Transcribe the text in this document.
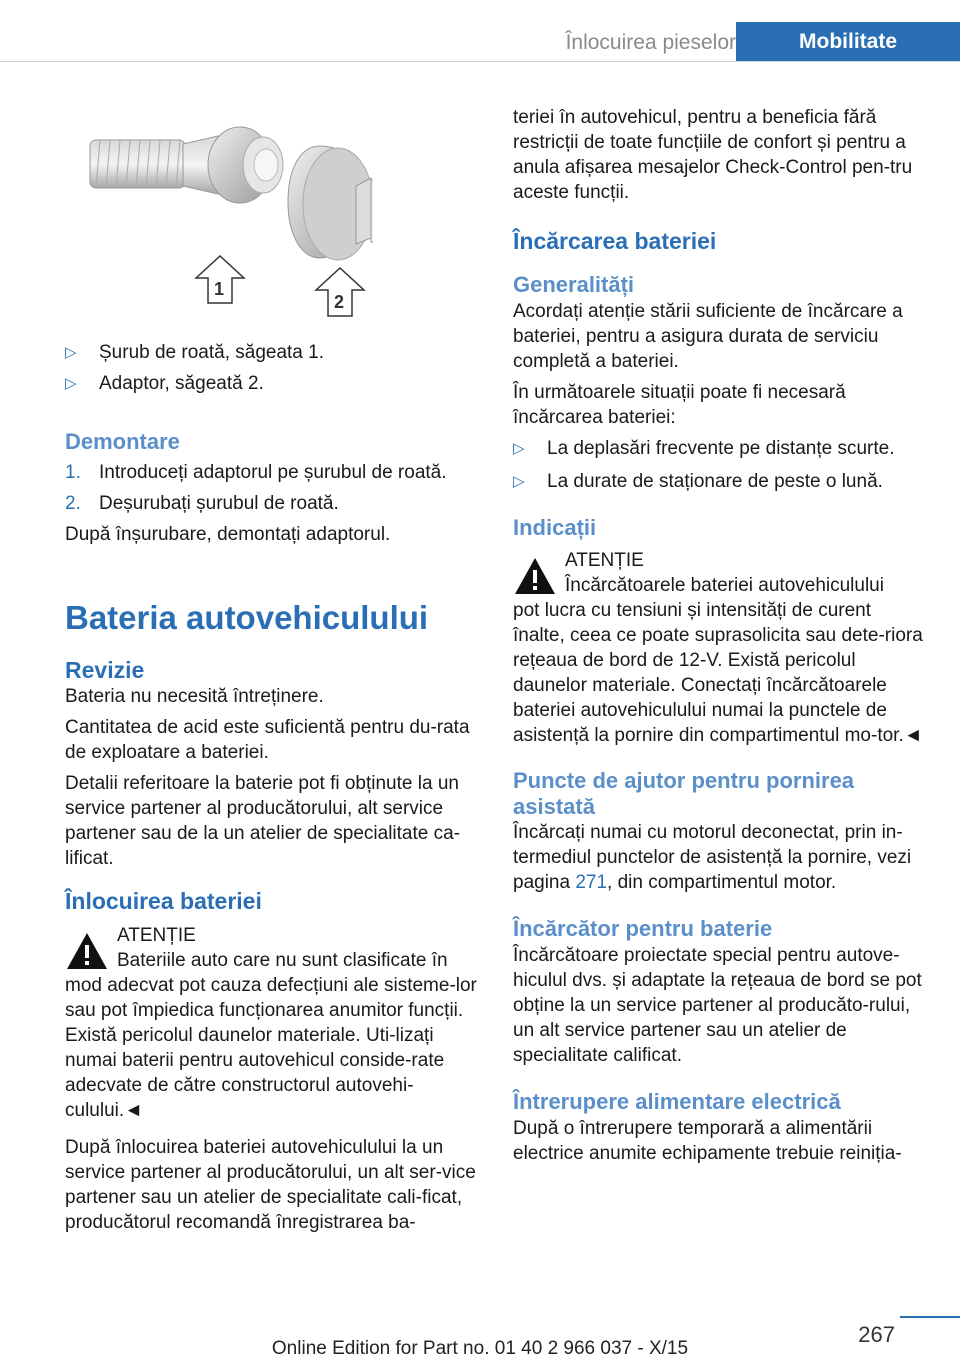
Înlocuirea pieselor	Mobilitate
1
2
▷	Șurub de roată, săgeata 1.
▷	Adaptor, săgeată 2.
Demontare
1. Introduceți adaptorul pe șurubul de roată.
2. Deșurubați șurubul de roată.

După înșurubare, demontați adaptorul.

Bateria autovehiculului
Revizie

Bateria nu necesită întreținere.

Cantitatea de acid este suficientă pentru du-rata de exploatare a bateriei.

Detalii referitoare la baterie pot fi obținute la un service partener al producătorului, alt service partener sau de la un atelier de specialitate ca-lificat.

Înlocuirea bateriei
ATENȚIE
Bateriile auto care nu sunt clasificate în

mod adecvat pot cauza defecțiuni ale sisteme-lor sau pot împiedica funcționarea anumitor funcții. Există pericolul daunelor materiale. Uti-lizați numai baterii pentru autovehicul conside-rate adecvate de către constructorul autovehi-culului.◄

După înlocuirea bateriei autovehiculului la un service partener al producătorului, un alt ser-vice partener sau un atelier de specialitate cali-ficat, producătorul recomandă înregistrarea ba-

teriei în autovehicul, pentru a beneficia fără restricții de toate funcțiile de confort și pentru a anula afișarea mesajelor Check-Control pen-tru aceste funcții.

Încărcarea bateriei
Generalități

Acordați atenție stării suficiente de încărcare a bateriei, pentru a asigura durata de serviciu completă a bateriei.

În următoarele situații poate fi necesară încărcarea bateriei:

▷	La deplasări frecvente pe distanțe scurte.
▷	La durate de staționare de peste o lună.
Indicații
ATENȚIE
Încărcătoarele bateriei autovehiculului

pot lucra cu tensiuni și intensități de curent înalte, ceea ce poate suprasolicita sau dete-riora rețeaua de bord de 12-V. Există pericolul daunelor materiale. Conectați încărcătoarele bateriei autovehiculului numai la punctele de asistență la pornire din compartimentul mo-tor.◄

Puncte de ajutor pentru pornirea asistată

Încărcați numai cu motorul deconectat, prin in-termediul punctelor de asistență la pornire, vezi pagina 271, din compartimentul motor.

Încărcător pentru baterie

Încărcătoare proiectate special pentru autove-hiculul dvs. și adaptate la rețeaua de bord se pot obține la un service partener al producăto-rului, un alt service partener sau un atelier de specialitate calificat.

Întrerupere alimentare electrică

După o întrerupere temporară a alimentării electrice anumite echipamente trebuie reiniția-

267
Online Edition for Part no. 01 40 2 966 037 - X/15
